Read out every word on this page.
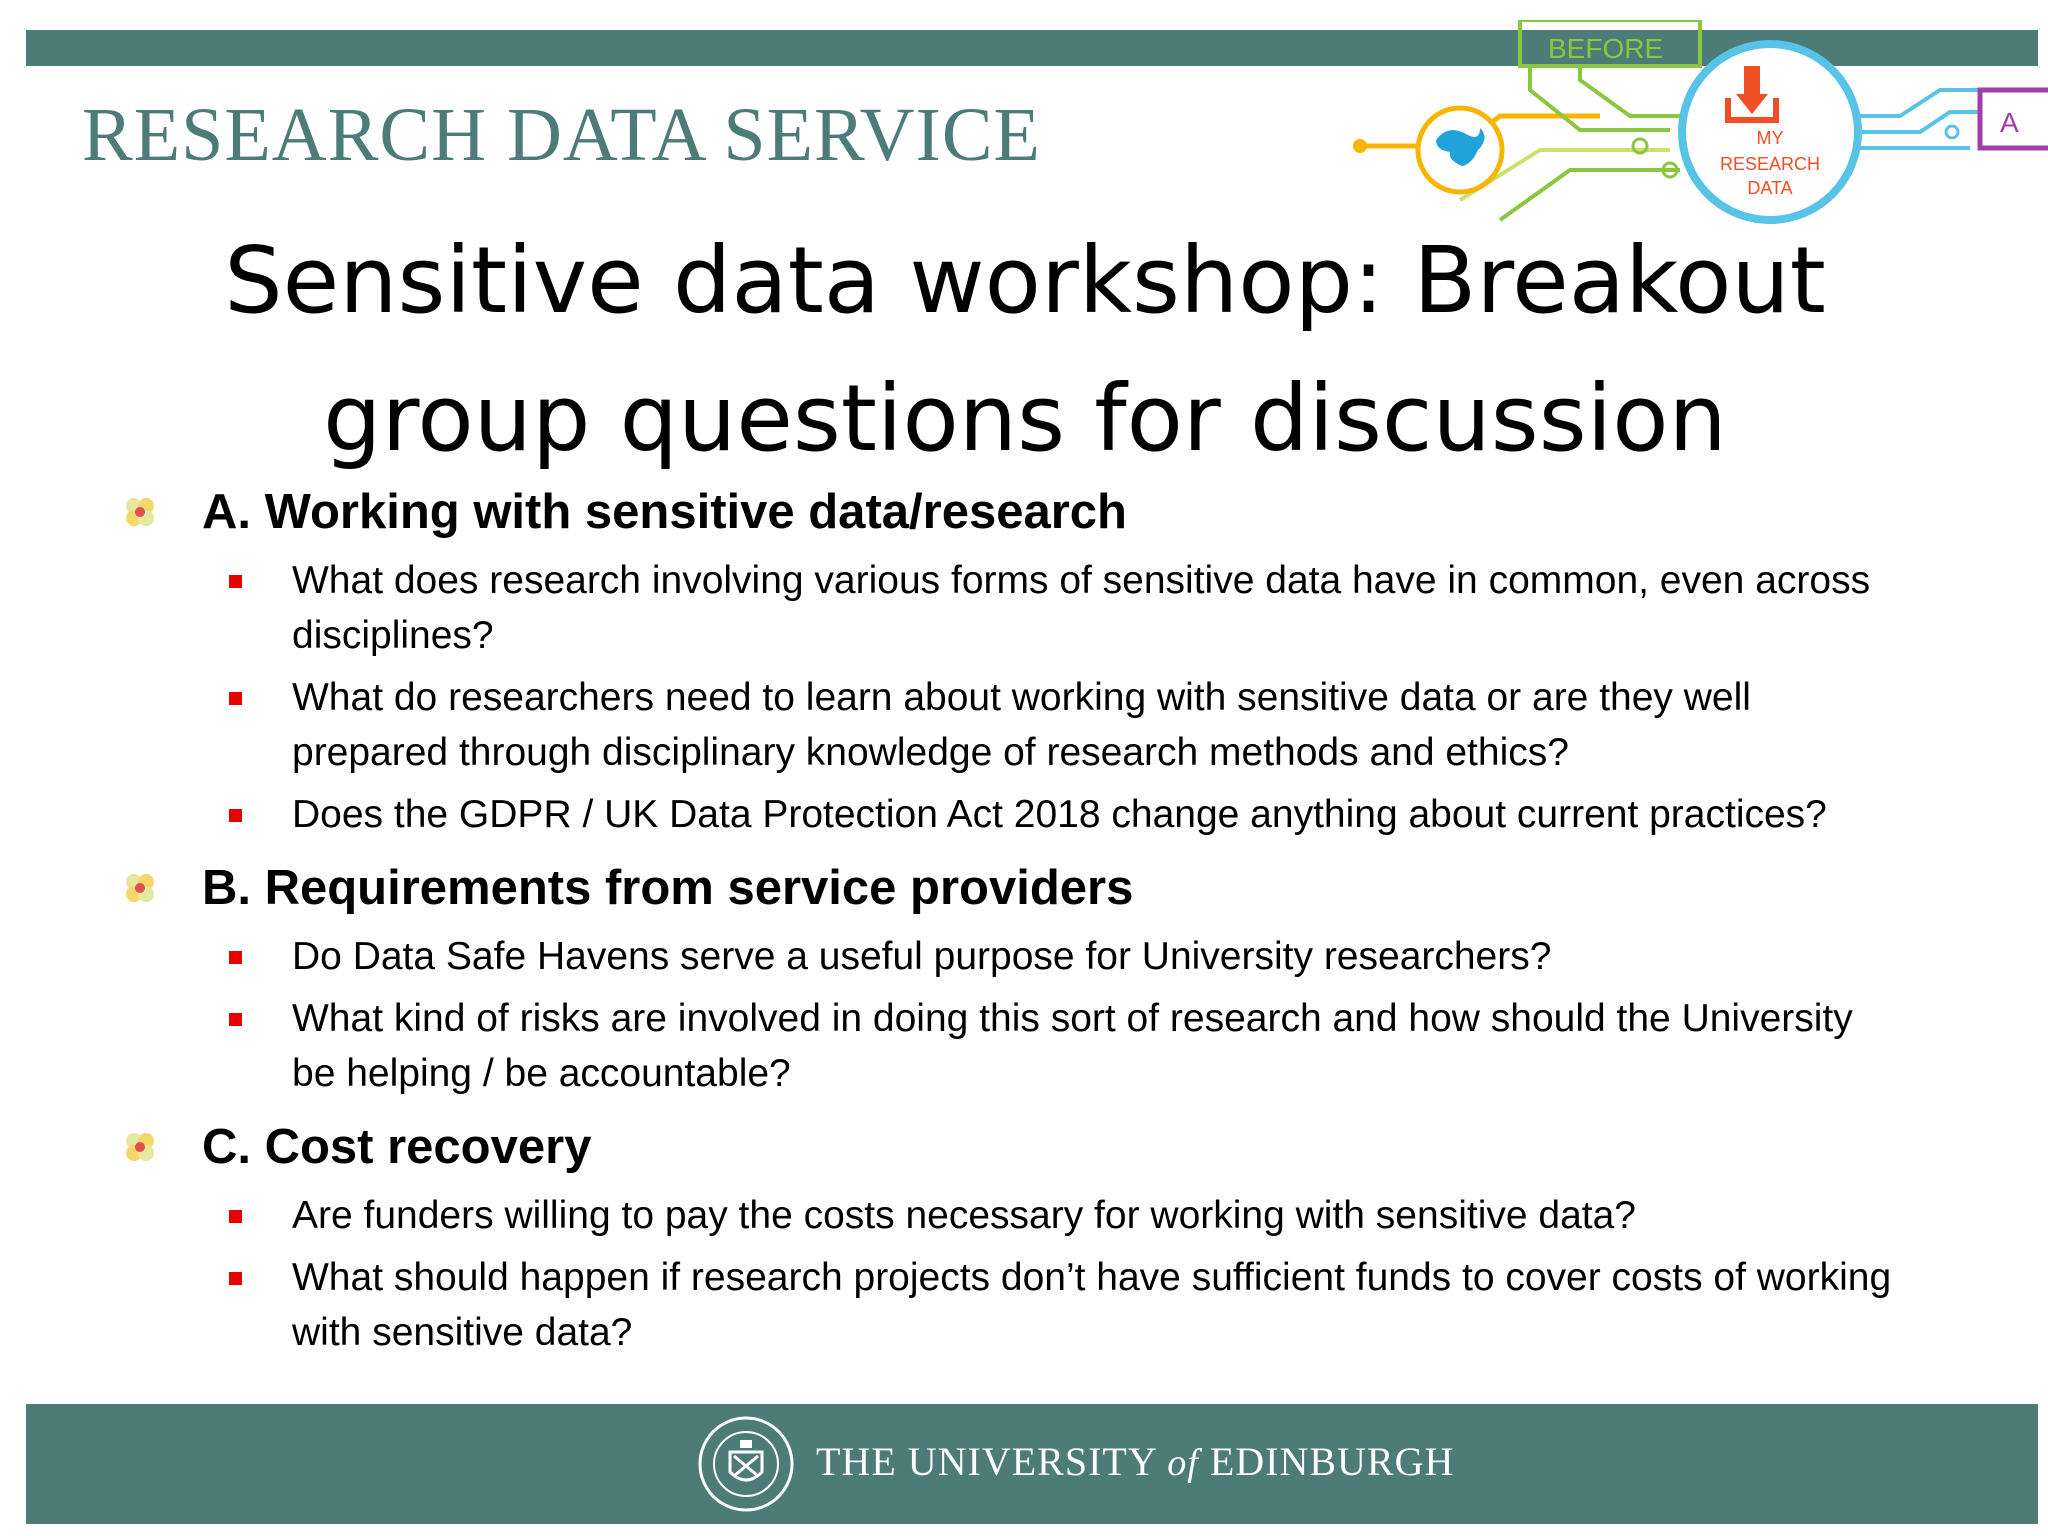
RESEARCH DATA SERVICE
BEFORE
MY
RESEARCH
DATA
A
Sensitive data workshop: Breakout
group questions for discussion
A. Working with sensitive data/research
What does research involving various forms of sensitive data have in common, even across disciplines?
What do researchers need to learn about working with sensitive data or are they well prepared through disciplinary knowledge of research methods and ethics?
Does the GDPR / UK Data Protection Act 2018 change anything about current practices?
B. Requirements from service providers
Do Data Safe Havens serve a useful purpose for University researchers?
What kind of risks are involved in doing this sort of research and how should the University be helping / be accountable?
C. Cost recovery
Are funders willing to pay the costs necessary for working with sensitive data?
What should happen if research projects don’t have sufficient funds to cover costs of working with sensitive data?
THE UNIVERSITY of EDINBURGH
